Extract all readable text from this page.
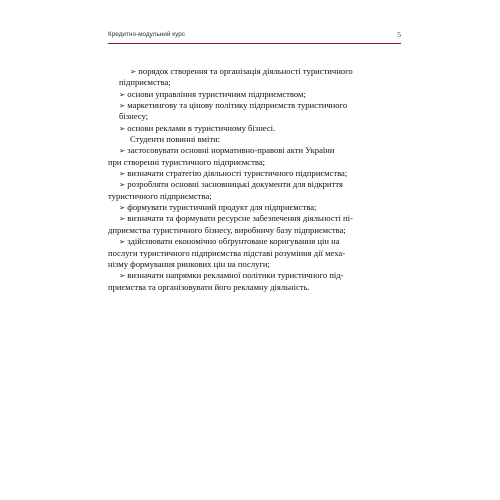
Кредитно-модульний курс	5
➢ порядок створення та організація діяльності туристичного
підприємства;
➢ основи управління туристичним підприємством;
➢ маркетингову та цінову політику підприємств туристичного
бізнесу;
➢ основи реклами в туристичному бізнесі.
Студенти повинні вміти:
➢ застосовувати основні нормативно-правові акти України
при створенні туристичного підприємства;
➢ визначати стратегію діяльності туристичного підприємства;
➢ розробляти основні засновницькі документи для відкриття
туристичного підприємства;
➢ формувати туристичний продукт для підприємства;
➢ визначати та формувати ресурсне забезпечення діяльності пі-
дприємства туристичного бізнесу, виробничу базу підприємства;
➢ здійснювати економічно обґрунтоване коригування цін на
послуги туристичного підприємства підставі розуміння дії меха-
нізму формування ринкових цін на послуги;
➢ визначати напрямки рекламної політики туристичного під-
приємства та організовувати його рекламну діяльність.
